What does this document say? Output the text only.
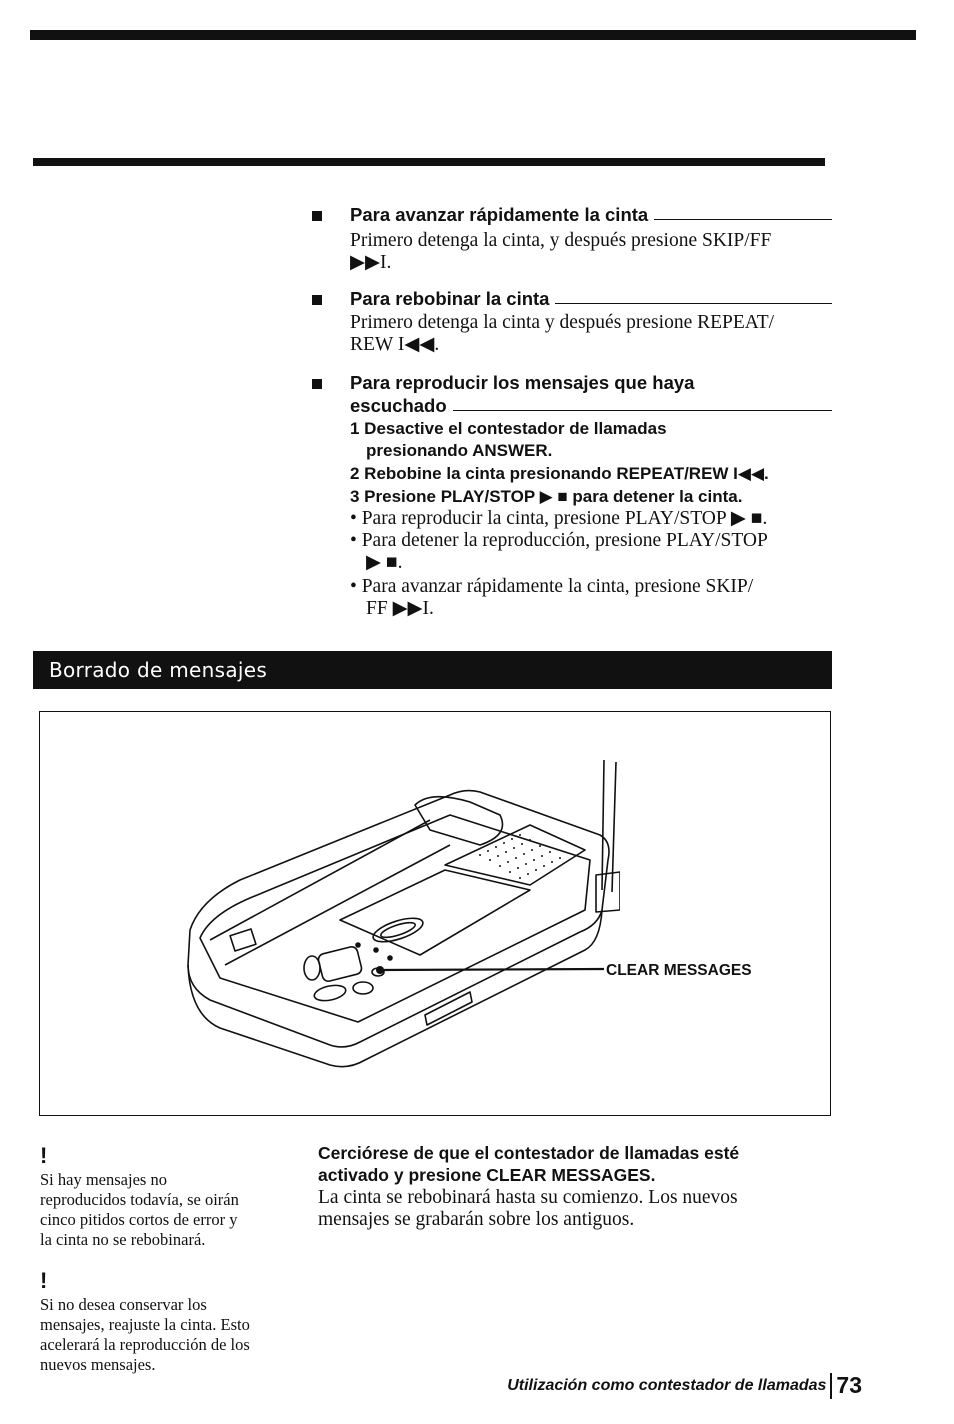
Para avanzar rápidamente la cinta
Primero detenga la cinta, y después presione SKIP/FF
▶▶I.
Para rebobinar la cinta
Primero detenga la cinta y después presione REPEAT/
REW I◀◀.
Para reproducir los mensajes que haya
escuchado
1 Desactive el contestador de llamadas
presionando ANSWER.
2 Rebobine la cinta presionando REPEAT/REW I◀◀.
3 Presione PLAY/STOP ▶ ■ para detener la cinta.
• Para reproducir la cinta, presione PLAY/STOP ▶ ■.
• Para detener la reproducción, presione PLAY/STOP
▶ ■.
• Para avanzar rápidamente la cinta, presione SKIP/
FF ▶▶I.
Borrado de mensajes
CLEAR MESSAGES
!
Si hay mensajes no
reproducidos todavía, se oirán
cinco pitidos cortos de error y
la cinta no se rebobinará.
!
Si no desea conservar los
mensajes, reajuste la cinta. Esto
acelerará la reproducción de los
nuevos mensajes.
Cerciórese de que el contestador de llamadas esté
activado y presione CLEAR MESSAGES.
La cinta se rebobinará hasta su comienzo. Los nuevos
mensajes se grabarán sobre los antiguos.
Utilización como contestador de llamadas 73
